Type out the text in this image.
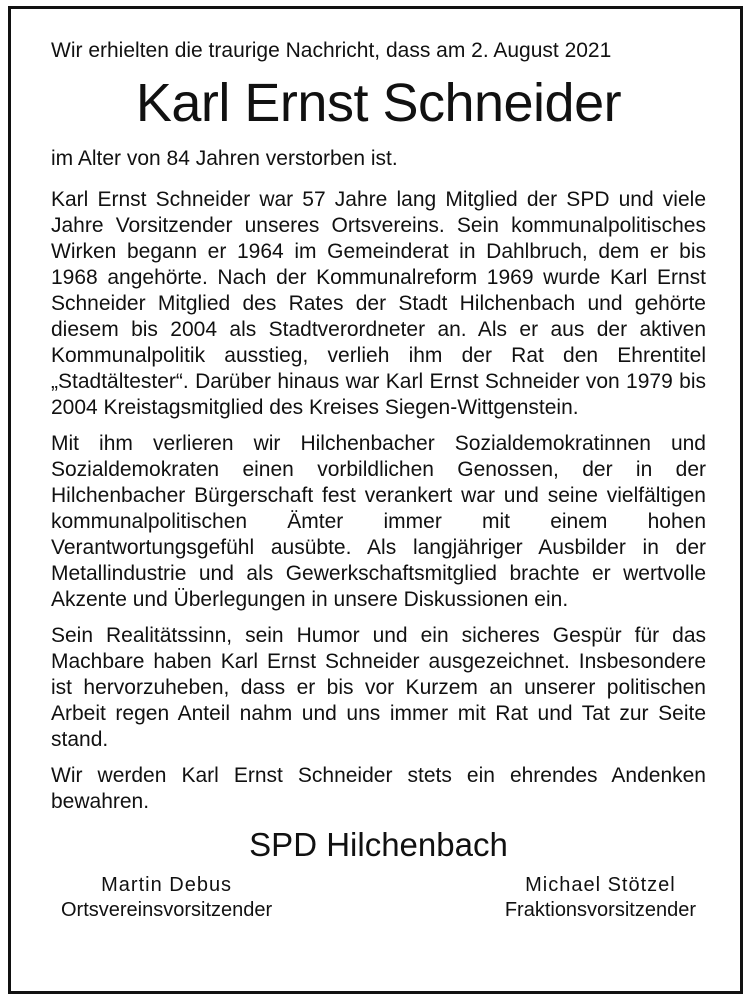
Wir erhielten die traurige Nachricht, dass am 2. August 2021

Karl Ernst Schneider

im Alter von 84 Jahren verstorben ist.

Karl Ernst Schneider war 57 Jahre lang Mitglied der SPD und viele Jahre Vorsitzender unseres Ortsvereins. Sein kommunalpolitisches Wirken begann er 1964 im Gemeinderat in Dahlbruch, dem er bis 1968 angehörte. Nach der Kommunalreform 1969 wurde Karl Ernst Schneider Mitglied des Rates der Stadt Hilchenbach und gehörte diesem bis 2004 als Stadtverordneter an. Als er aus der aktiven Kommunalpolitik ausstieg, verlieh ihm der Rat den Ehrentitel „Stadtältester“. Darüber hinaus war Karl Ernst Schneider von 1979 bis 2004 Kreistagsmitglied des Kreises Siegen-Wittgenstein.

Mit ihm verlieren wir Hilchenbacher Sozialdemokratinnen und Sozialdemokraten einen vorbildlichen Genossen, der in der Hilchenbacher Bürgerschaft fest verankert war und seine vielfältigen kommunalpolitischen Ämter immer mit einem hohen Verantwortungsgefühl ausübte. Als langjähriger Ausbilder in der Metallindustrie und als Gewerkschaftsmitglied brachte er wertvolle Akzente und Überlegungen in unsere Diskussionen ein.

Sein Realitätssinn, sein Humor und ein sicheres Gespür für das Machbare haben Karl Ernst Schneider ausgezeichnet. Insbesondere ist hervorzuheben, dass er bis vor Kurzem an unserer politischen Arbeit regen Anteil nahm und uns immer mit Rat und Tat zur Seite stand.

Wir werden Karl Ernst Schneider stets ein ehrendes Andenken bewahren.

SPD Hilchenbach
Martin Debus
Ortsvereinsvorsitzender
Michael Stötzel
Fraktionsvorsitzender
